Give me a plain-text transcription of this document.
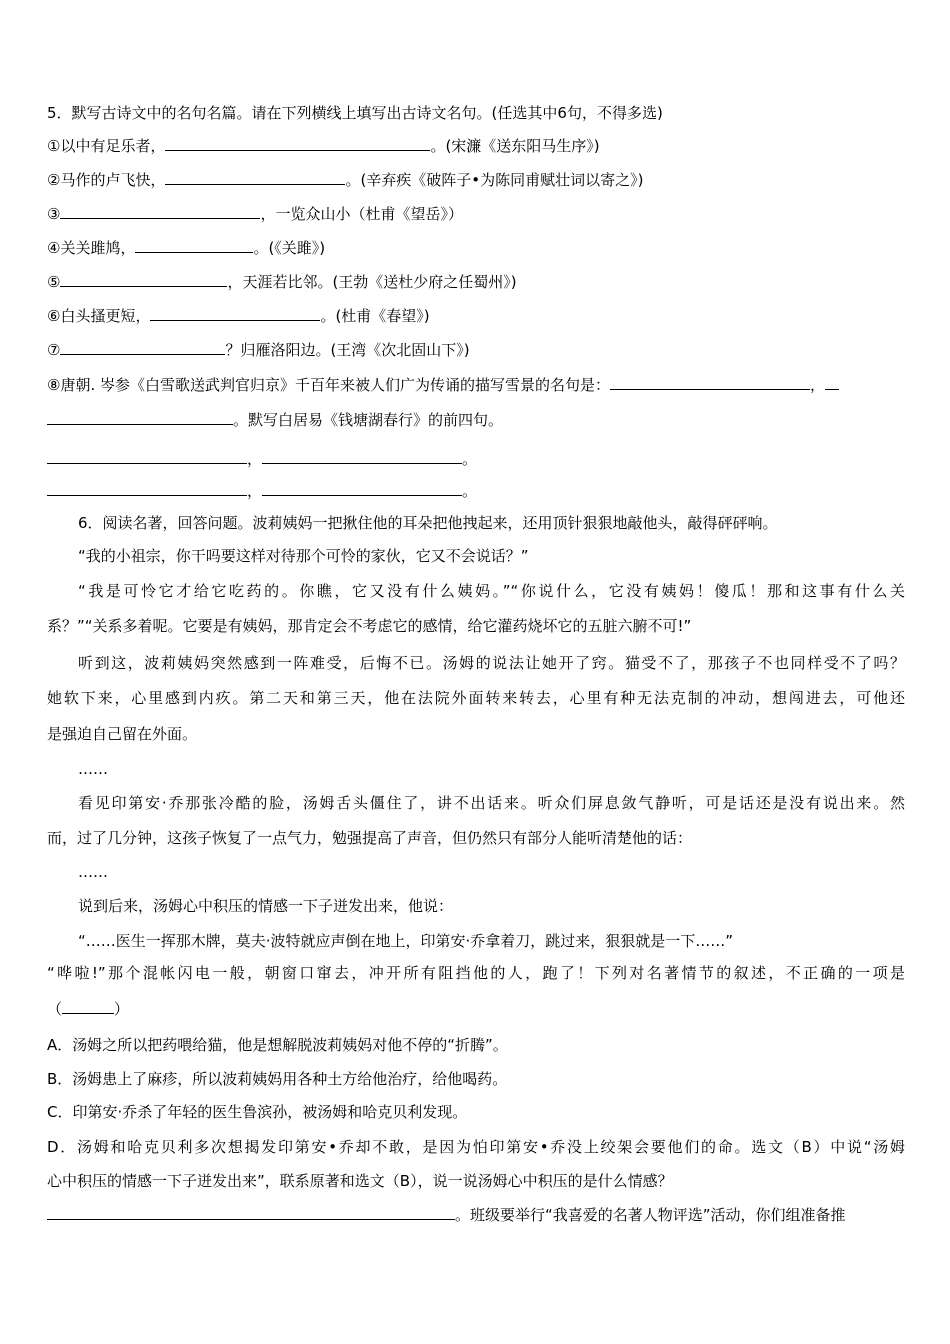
5．默写古诗文中的名句名篇。请在下列横线上填写出古诗文名句。(任选其中6句，不得多选)
①以中有足乐者，	。(宋濂《送东阳马生序》)
②马作的卢飞快，	。(辛弃疾《破阵子•为陈同甫赋壮词以寄之》)
③	，一览众山小（杜甫《望岳》）
④关关雎鸠，	。(《关雎》)
⑤	，天涯若比邻。(王勃《送杜少府之任蜀州》)
⑥白头搔更短，	。(杜甫《春望》)
⑦	？归雁洛阳边。(王湾《次北固山下》)
⑧唐朝. 岑参《白雪歌送武判官归京》千百年来被人们广为传诵的描写雪景的名句是：	，
。默写白居易《钱塘湖春行》的前四句。
，	。
，	。
6．阅读名著，回答问题。波莉姨妈一把揪住他的耳朵把他拽起来，还用顶针狠狠地敲他头，敲得砰砰响。
“我的小祖宗，你干吗要这样对待那个可怜的家伙，它又不会说话？”
“我是可怜它才给它吃药的。你瞧，它又没有什么姨妈。”“你说什么，它没有姨妈！傻瓜！那和这事有什么关
系？”“关系多着呢。它要是有姨妈，那肯定会不考虑它的感情，给它灌药烧坏它的五脏六腑不可!”
听到这，波莉姨妈突然感到一阵难受，后悔不已。汤姆的说法让她开了窍。猫受不了，那孩子不也同样受不了吗？
她软下来，心里感到内疚。第二天和第三天，他在法院外面转来转去，心里有种无法克制的冲动，想闯进去，可他还
是强迫自己留在外面。
……
看见印第安·乔那张冷酷的脸，汤姆舌头僵住了，讲不出话来。听众们屏息敛气静听，可是话还是没有说出来。然
而，过了几分钟，这孩子恢复了一点气力，勉强提高了声音，但仍然只有部分人能听清楚他的话：
……
说到后来，汤姆心中积压的情感一下子迸发出来，他说：
“……医生一挥那木牌，莫夫·波特就应声倒在地上，印第安·乔拿着刀，跳过来，狠狠就是一下……”
“哗啦!”那个混帐闪电一般，朝窗口窜去，冲开所有阻挡他的人，跑了！下列对名著情节的叙述，不正确的一项是
（	）
A．汤姆之所以把药喂给猫，他是想解脱波莉姨妈对他不停的“折腾”。
B．汤姆患上了麻疹，所以波莉姨妈用各种土方给他治疗，给他喝药。
C．印第安·乔杀了年轻的医生鲁滨孙，被汤姆和哈克贝利发现。
D．汤姆和哈克贝利多次想揭发印第安•乔却不敢，是因为怕印第安•乔没上绞架会要他们的命。选文（B）中说“汤姆
心中积压的情感一下子迸发出来”，联系原著和选文（B），说一说汤姆心中积压的是什么情感？
。班级要举行“我喜爱的名著人物评选”活动，你们组准备推
